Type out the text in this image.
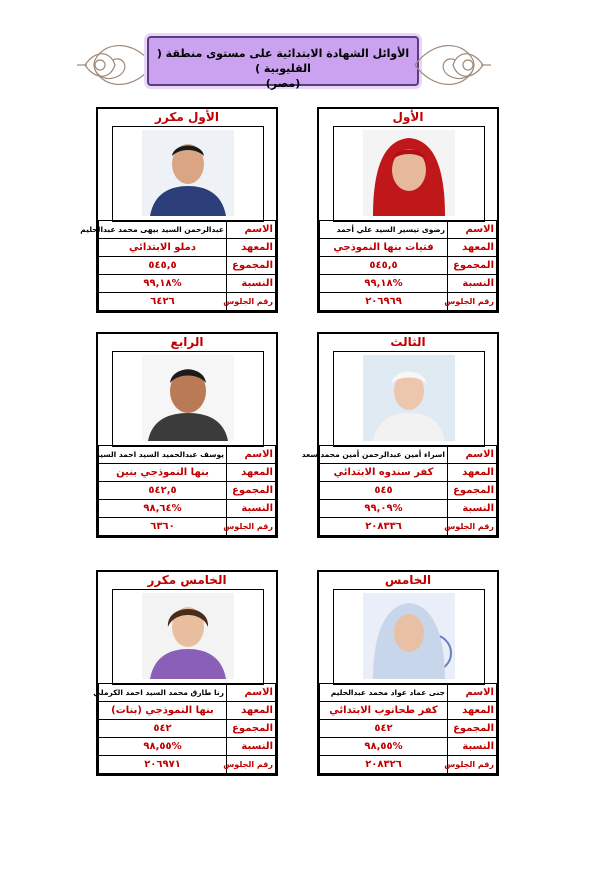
الأوائل الشهادة الابتدائية على مستوى منطقة ( القليوبية )
(مصر)
الأول
الاسم	رضوى تيسير السيد علي أحمد
المعهد	فتيات بنها النموذجي
المجموع	٥٤٥,٥
النسبة	%٩٩,١٨
رقم الجلوس	٢٠٦٩٦٩
الأول مكرر
الاسم	عبدالرحمن السيد بيهى محمد عبدالحليم
المعهد	دملو الابتدائي
المجموع	٥٤٥,٥
النسبة	%٩٩,١٨
رقم الجلوس	٦٤٢٦
الثالث
الاسم	اسراء أمين عبدالرحمن أمين محمد سعد
المعهد	كفر سندوه الابتدائي
المجموع	٥٤٥
النسبة	%٩٩,٠٩
رقم الجلوس	٢٠٨٣٣٦
الرابع
الاسم	يوسف عبدالحميد السيد احمد السيد
المعهد	بنها النموذجي بنين
المجموع	٥٤٢,٥
النسبة	%٩٨,٦٤
رقم الجلوس	٦٣٦٠
الخامس
الاسم	جنى عماد عواد محمد عبدالحليم
المعهد	كفر طحانوب الابتدائي
المجموع	٥٤٢
النسبة	%٩٨,٥٥
رقم الجلوس	٢٠٨٣٢٦
الخامس مكرر
الاسم	رنا طارق محمد السيد احمد الكرملي
المعهد	بنها النموذجي (بنات)
المجموع	٥٤٢
النسبة	%٩٨,٥٥
رقم الجلوس	٢٠٦٩٧١
